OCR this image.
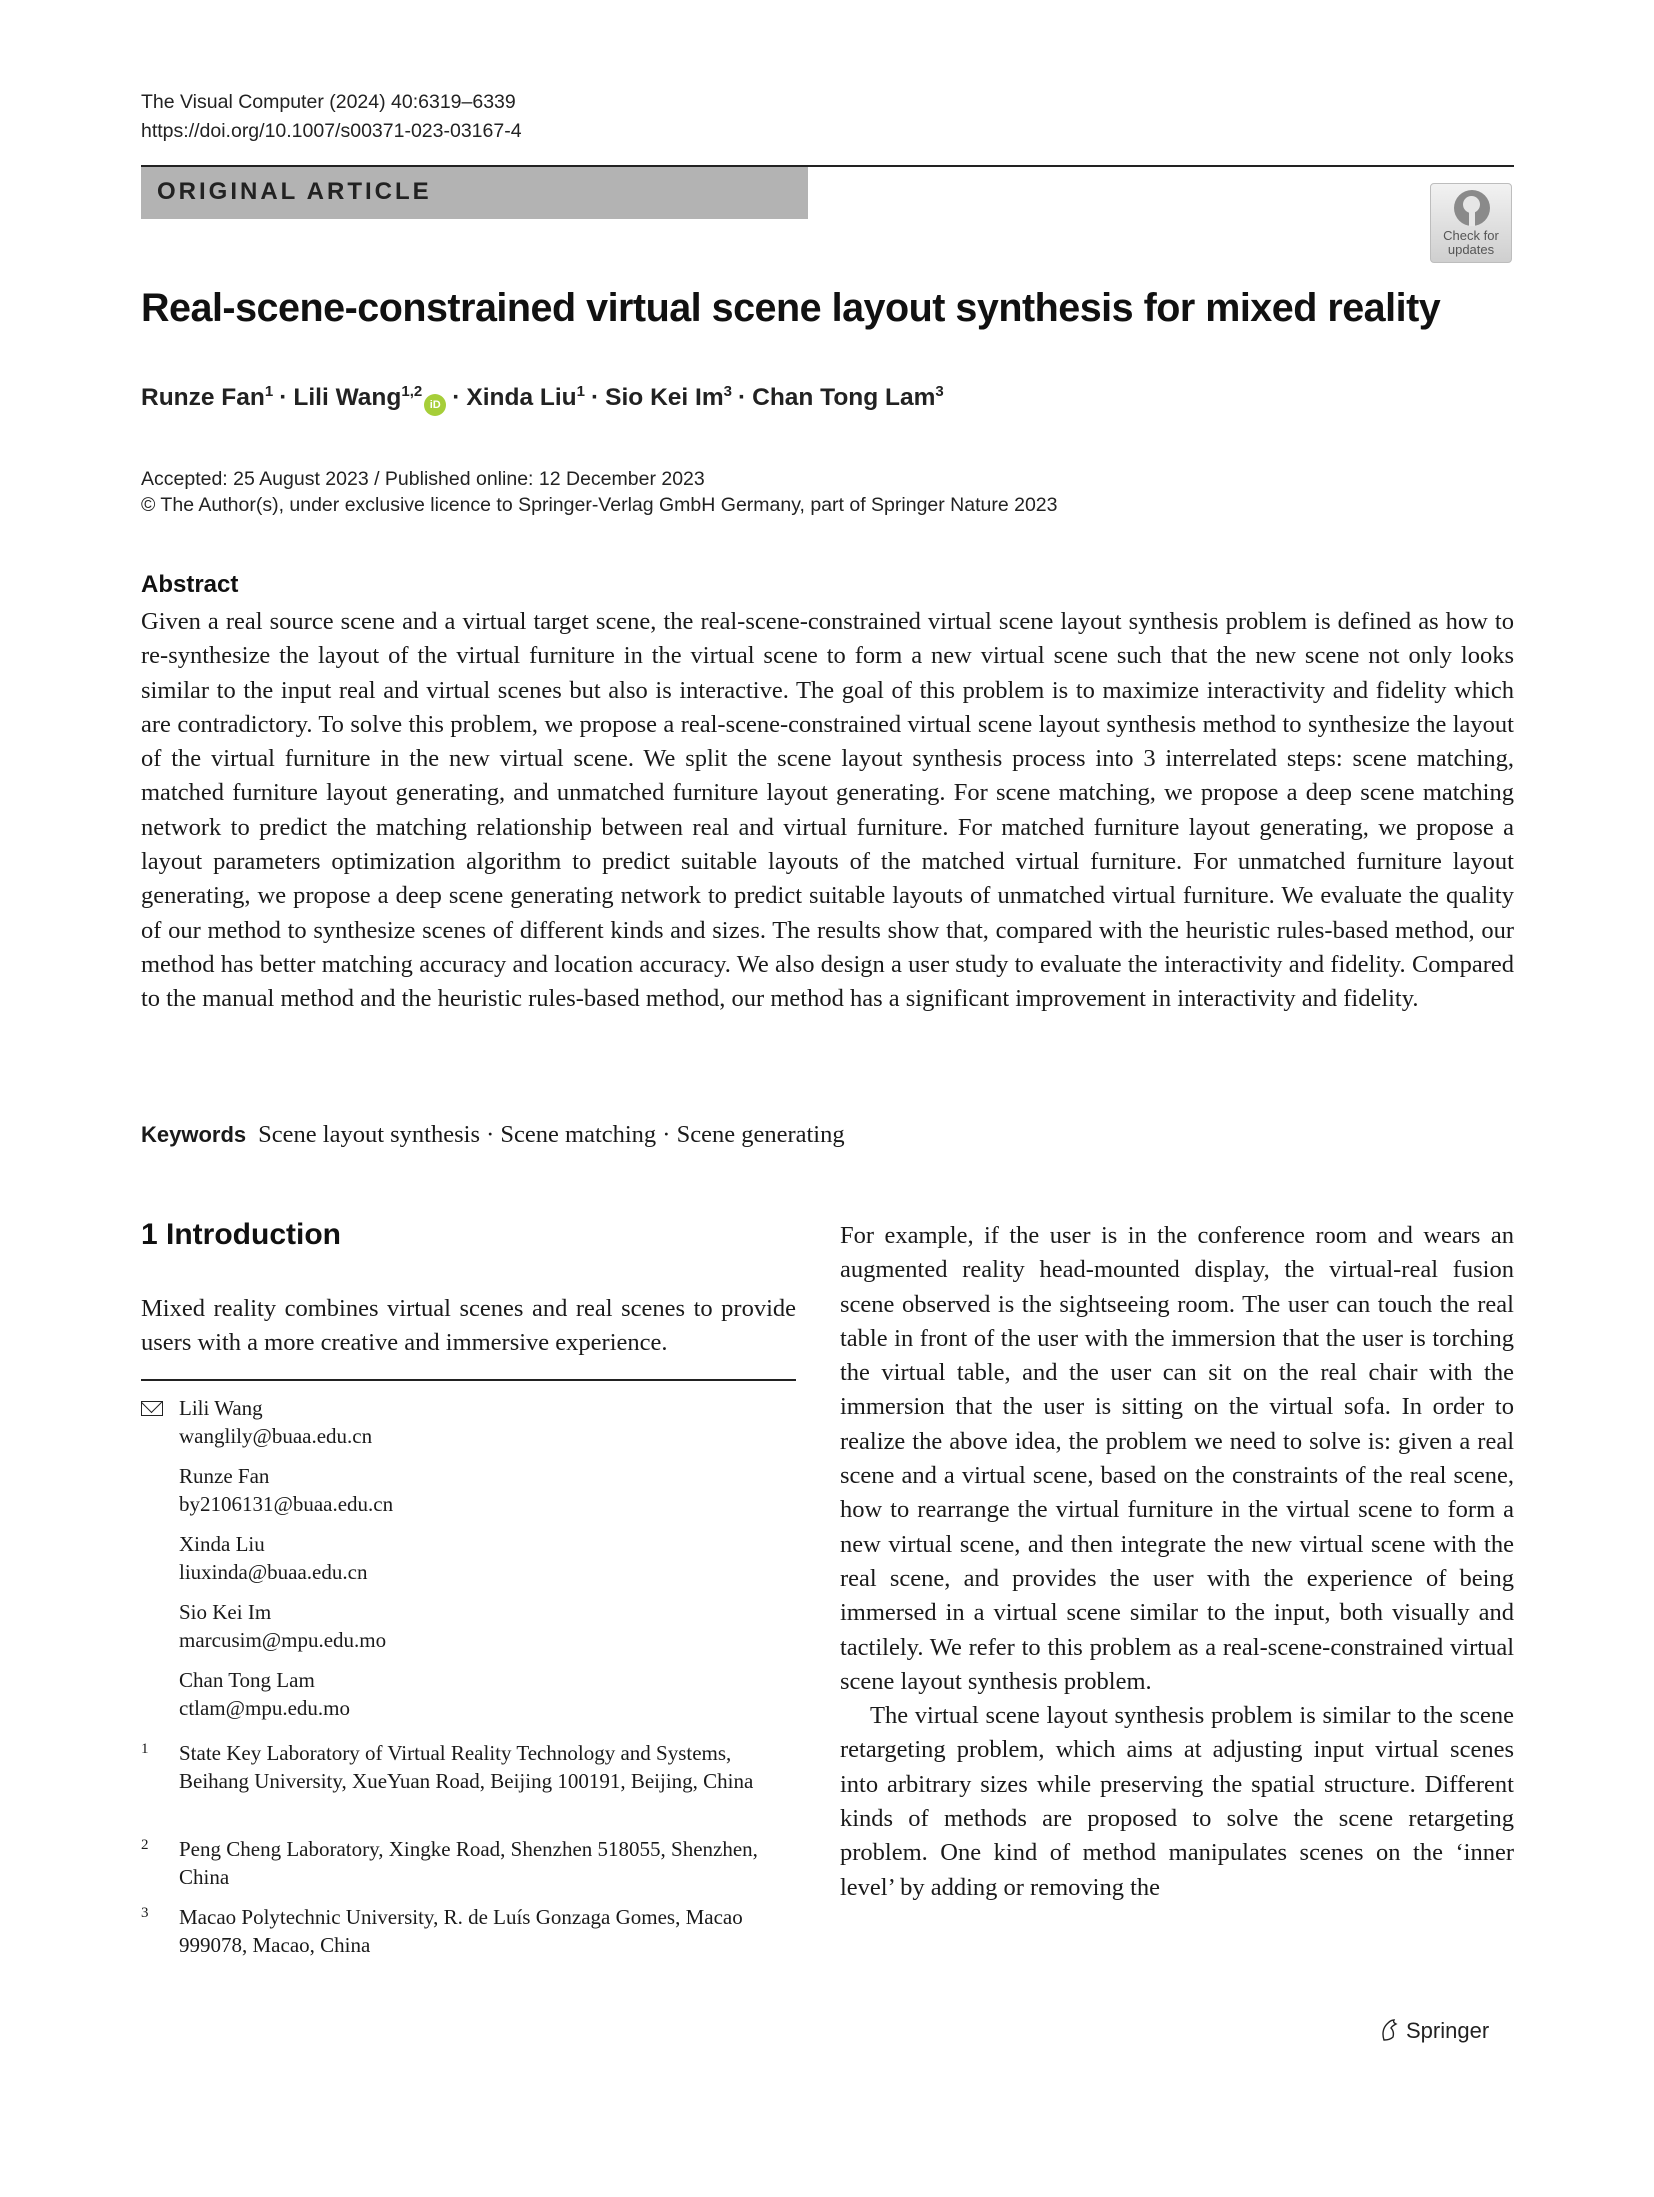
The Visual Computer (2024) 40:6319–6339
https://doi.org/10.1007/s00371-023-03167-4
ORIGINAL ARTICLE
Check for updates
Real-scene-constrained virtual scene layout synthesis for mixed reality
Runze Fan$^1$ · Lili Wang$^{1,2}$iD · Xinda Liu$^1$ · Sio Kei $Im^3$ · Chan Tong Lam$^3$
Accepted: 25 August 2023 / Published online: 12 December 2023
© The Author(s), under exclusive licence to Springer-Verlag GmbH Germany, part of Springer Nature 2023
Abstract

Given a real source scene and a virtual target scene, the real-scene-constrained virtual scene layout synthesis problem is defined as how to re-synthesize the layout of the virtual furniture in the virtual scene to form a new virtual scene such that the new scene not only looks similar to the input real and virtual scenes but also is interactive. The goal of this problem is to maximize interactivity and fidelity which are contradictory. To solve this problem, we propose a real-scene-constrained virtual scene layout synthesis method to synthesize the layout of the virtual furniture in the new virtual scene. We split the scene layout synthesis process into 3 interrelated steps: scene matching, matched furniture layout generating, and unmatched furniture layout generating. For scene matching, we propose a deep scene matching network to predict the matching relationship between real and virtual furniture. For matched furniture layout generating, we propose a layout parameters optimization algorithm to predict suitable layouts of the matched virtual furniture. For unmatched furniture layout generating, we propose a deep scene generating network to predict suitable layouts of unmatched virtual furniture. We evaluate the quality of our method to synthesize scenes of different kinds and sizes. The results show that, compared with the heuristic rules-based method, our method has better matching accuracy and location accuracy. We also design a user study to evaluate the interactivity and fidelity. Compared to the manual method and the heuristic rules-based method, our method has a significant improvement in interactivity and fidelity.

Keywords Scene layout synthesis · Scene matching · Scene generating
1 Introduction

Mixed reality combines virtual scenes and real scenes to provide users with a more creative and immersive experience.

Lili Wang
wanglily@buaa.edu.cn
Runze Fan
by2106131@buaa.edu.cn
Xinda Liu
liuxinda@buaa.edu.cn
Sio Kei Im
marcusim@mpu.edu.mo
Chan Tong Lam
ctlam@mpu.edu.mo
1 State Key Laboratory of Virtual Reality Technology and Systems, Beihang University, XueYuan Road, Beijing 100191, Beijing, China
2 Peng Cheng Laboratory, Xingke Road, Shenzhen 518055, Shenzhen, China
3 Macao Polytechnic University, R. de Luís Gonzaga Gomes, Macao 999078, Macao, China

For example, if the user is in the conference room and wears an augmented reality head-mounted display, the virtual-real fusion scene observed is the sightseeing room. The user can touch the real table in front of the user with the immersion that the user is torching the virtual table, and the user can sit on the real chair with the immersion that the user is sitting on the virtual sofa. In order to realize the above idea, the problem we need to solve is: given a real scene and a virtual scene, based on the constraints of the real scene, how to rearrange the virtual furniture in the virtual scene to form a new virtual scene, and then integrate the new virtual scene with the real scene, and provides the user with the experience of being immersed in a virtual scene similar to the input, both visually and tactilely. We refer to this problem as a real-scene-constrained virtual scene layout synthesis problem.

The virtual scene layout synthesis problem is similar to the scene retargeting problem, which aims at adjusting input virtual scenes into arbitrary sizes while preserving the spatial structure. Different kinds of methods are proposed to solve the scene retargeting problem. One kind of method manipulates scenes on the ‘inner level’ by adding or removing the

Springer
